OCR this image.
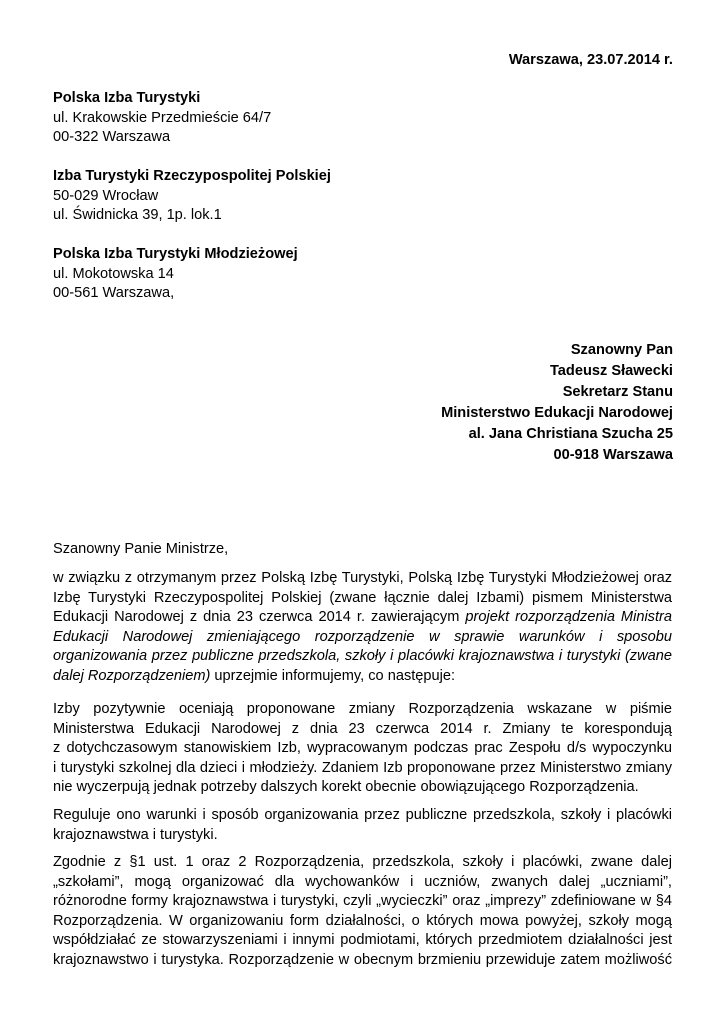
Warszawa, 23.07.2014 r.
Polska Izba Turystyki
ul. Krakowskie Przedmieście 64/7
00-322 Warszawa
Izba Turystyki Rzeczypospolitej Polskiej
50-029 Wrocław
ul. Świdnicka 39, 1p. lok.1
Polska Izba Turystyki Młodzieżowej
ul. Mokotowska 14
00-561 Warszawa,
Szanowny Pan
Tadeusz Sławecki
Sekretarz Stanu
Ministerstwo Edukacji Narodowej
al. Jana Christiana Szucha 25
00-918 Warszawa
Szanowny Panie Ministrze,
w związku z otrzymanym przez Polską Izbę Turystyki, Polską Izbę Turystyki Młodzieżowej oraz
Izbę Turystyki Rzeczypospolitej Polskiej (zwane łącznie dalej Izbami) pismem Ministerstwa
Edukacji Narodowej z dnia 23 czerwca 2014 r. zawierającym projekt rozporządzenia Ministra
Edukacji Narodowej zmieniającego rozporządzenie w sprawie warunków i sposobu
organizowania przez publiczne przedszkola, szkoły i placówki krajoznawstwa i turystyki (zwane
dalej Rozporządzeniem) uprzejmie informujemy, co następuje:
Izby pozytywnie oceniają proponowane zmiany Rozporządzenia wskazane w piśmie
Ministerstwa Edukacji Narodowej z dnia 23 czerwca 2014 r. Zmiany te korespondują
z dotychczasowym stanowiskiem Izb, wypracowanym podczas prac Zespołu d/s wypoczynku
i turystyki szkolnej dla dzieci i młodzieży. Zdaniem Izb proponowane przez Ministerstwo zmiany
nie wyczerpują jednak potrzeby dalszych korekt obecnie obowiązującego Rozporządzenia.
Reguluje ono warunki i sposób organizowania przez publiczne przedszkola, szkoły i placówki
krajoznawstwa i turystyki.
Zgodnie z §1 ust. 1 oraz 2 Rozporządzenia, przedszkola, szkoły i placówki, zwane dalej
„szkołami”, mogą organizować dla wychowanków i uczniów, zwanych dalej „uczniami”,
różnorodne formy krajoznawstwa i turystyki, czyli „wycieczki” oraz „imprezy” zdefiniowane w §4
Rozporządzenia. W organizowaniu form działalności, o których mowa powyżej, szkoły mogą
współdziałać ze stowarzyszeniami i innymi podmiotami, których przedmiotem działalności jest
krajoznawstwo i turystyka. Rozporządzenie w obecnym brzmieniu przewiduje zatem możliwość
